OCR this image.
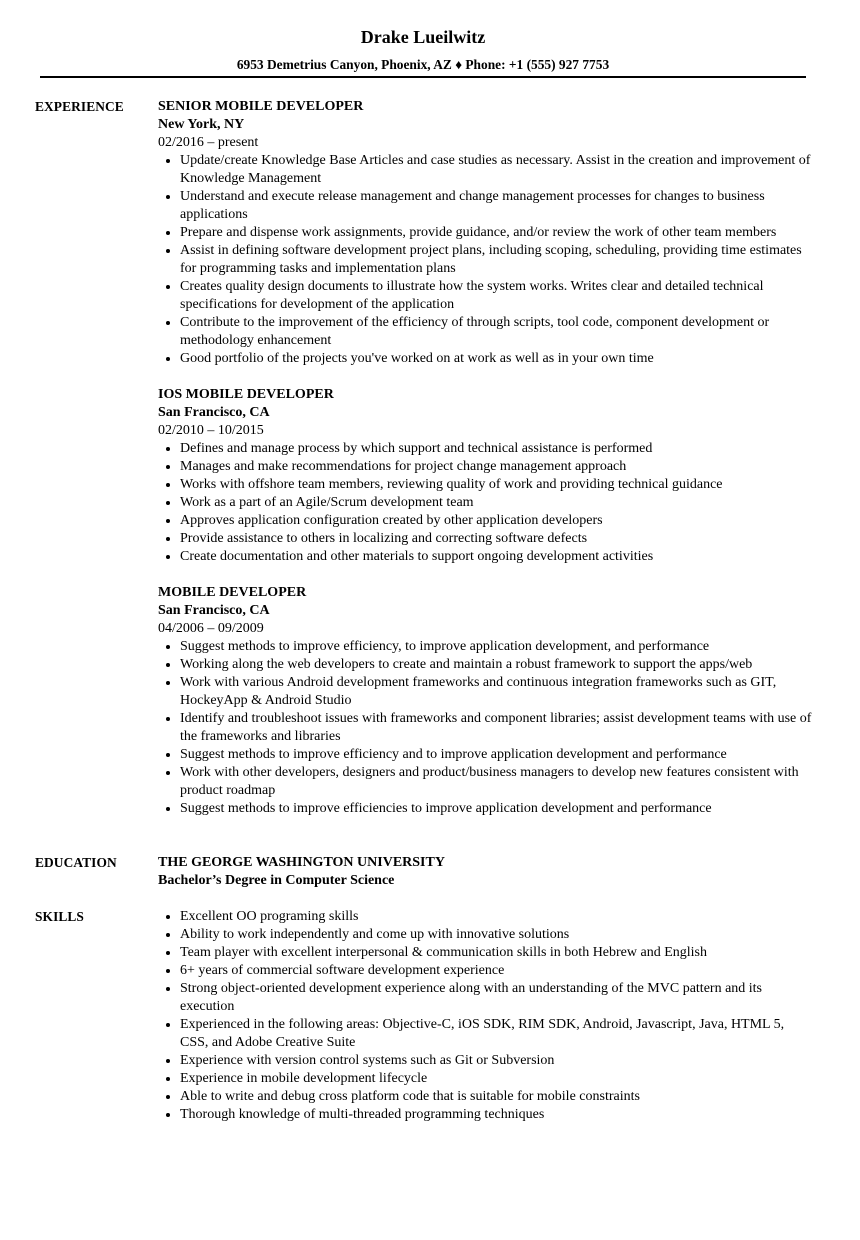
Drake Lueilwitz
6953 Demetrius Canyon, Phoenix, AZ ♦ Phone: +1 (555) 927 7753
EXPERIENCE SENIOR MOBILE DEVELOPER
New York, NY
02/2016 – present
Update/create Knowledge Base Articles and case studies as necessary. Assist in the creation and improvement of Knowledge Management
Understand and execute release management and change management processes for changes to business applications
Prepare and dispense work assignments, provide guidance, and/or review the work of other team members
Assist in defining software development project plans, including scoping, scheduling, providing time estimates for programming tasks and implementation plans
Creates quality design documents to illustrate how the system works. Writes clear and detailed technical specifications for development of the application
Contribute to the improvement of the efficiency of through scripts, tool code, component development or methodology enhancement
Good portfolio of the projects you've worked on at work as well as in your own time
IOS MOBILE DEVELOPER
San Francisco, CA
02/2010 – 10/2015
Defines and manage process by which support and technical assistance is performed
Manages and make recommendations for project change management approach
Works with offshore team members, reviewing quality of work and providing technical guidance
Work as a part of an Agile/Scrum development team
Approves application configuration created by other application developers
Provide assistance to others in localizing and correcting software defects
Create documentation and other materials to support ongoing development activities
MOBILE DEVELOPER
San Francisco, CA
04/2006 – 09/2009
Suggest methods to improve efficiency, to improve application development, and performance
Working along the web developers to create and maintain a robust framework to support the apps/web
Work with various Android development frameworks and continuous integration frameworks such as GIT, HockeyApp & Android Studio
Identify and troubleshoot issues with frameworks and component libraries; assist development teams with use of the frameworks and libraries
Suggest methods to improve efficiency and to improve application development and performance
Work with other developers, designers and product/business managers to develop new features consistent with product roadmap
Suggest methods to improve efficiencies to improve application development and performance
EDUCATION	THE GEORGE WASHINGTON UNIVERSITY
Bachelor’s Degree in Computer Science
SKILLS	Excellent OO programing skills
Ability to work independently and come up with innovative solutions
Team player with excellent interpersonal & communication skills in both Hebrew and English
6+ years of commercial software development experience
Strong object-oriented development experience along with an understanding of the MVC pattern and its execution
Experienced in the following areas: Objective-C, iOS SDK, RIM SDK, Android, Javascript, Java, HTML 5, CSS, and Adobe Creative Suite
Experience with version control systems such as Git or Subversion
Experience in mobile development lifecycle
Able to write and debug cross platform code that is suitable for mobile constraints
Thorough knowledge of multi-threaded programming techniques
